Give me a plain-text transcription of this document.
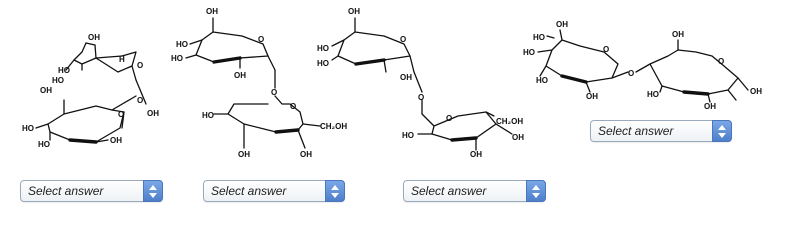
OH
HO
H
O
HO
OH
OH
O
O
HO
HO	OH
Select answer
OH
O
HO
HO
OH
O
HO
O
CH₂OH
OH	OH
Select answer
OH
O
HO
HO
OH
O
O	CH₂OH
HO	OH
OH
Select answer
HO
OH
O
HO
OH
O
OH
O
HO
OH
OH
HO
Select answer
